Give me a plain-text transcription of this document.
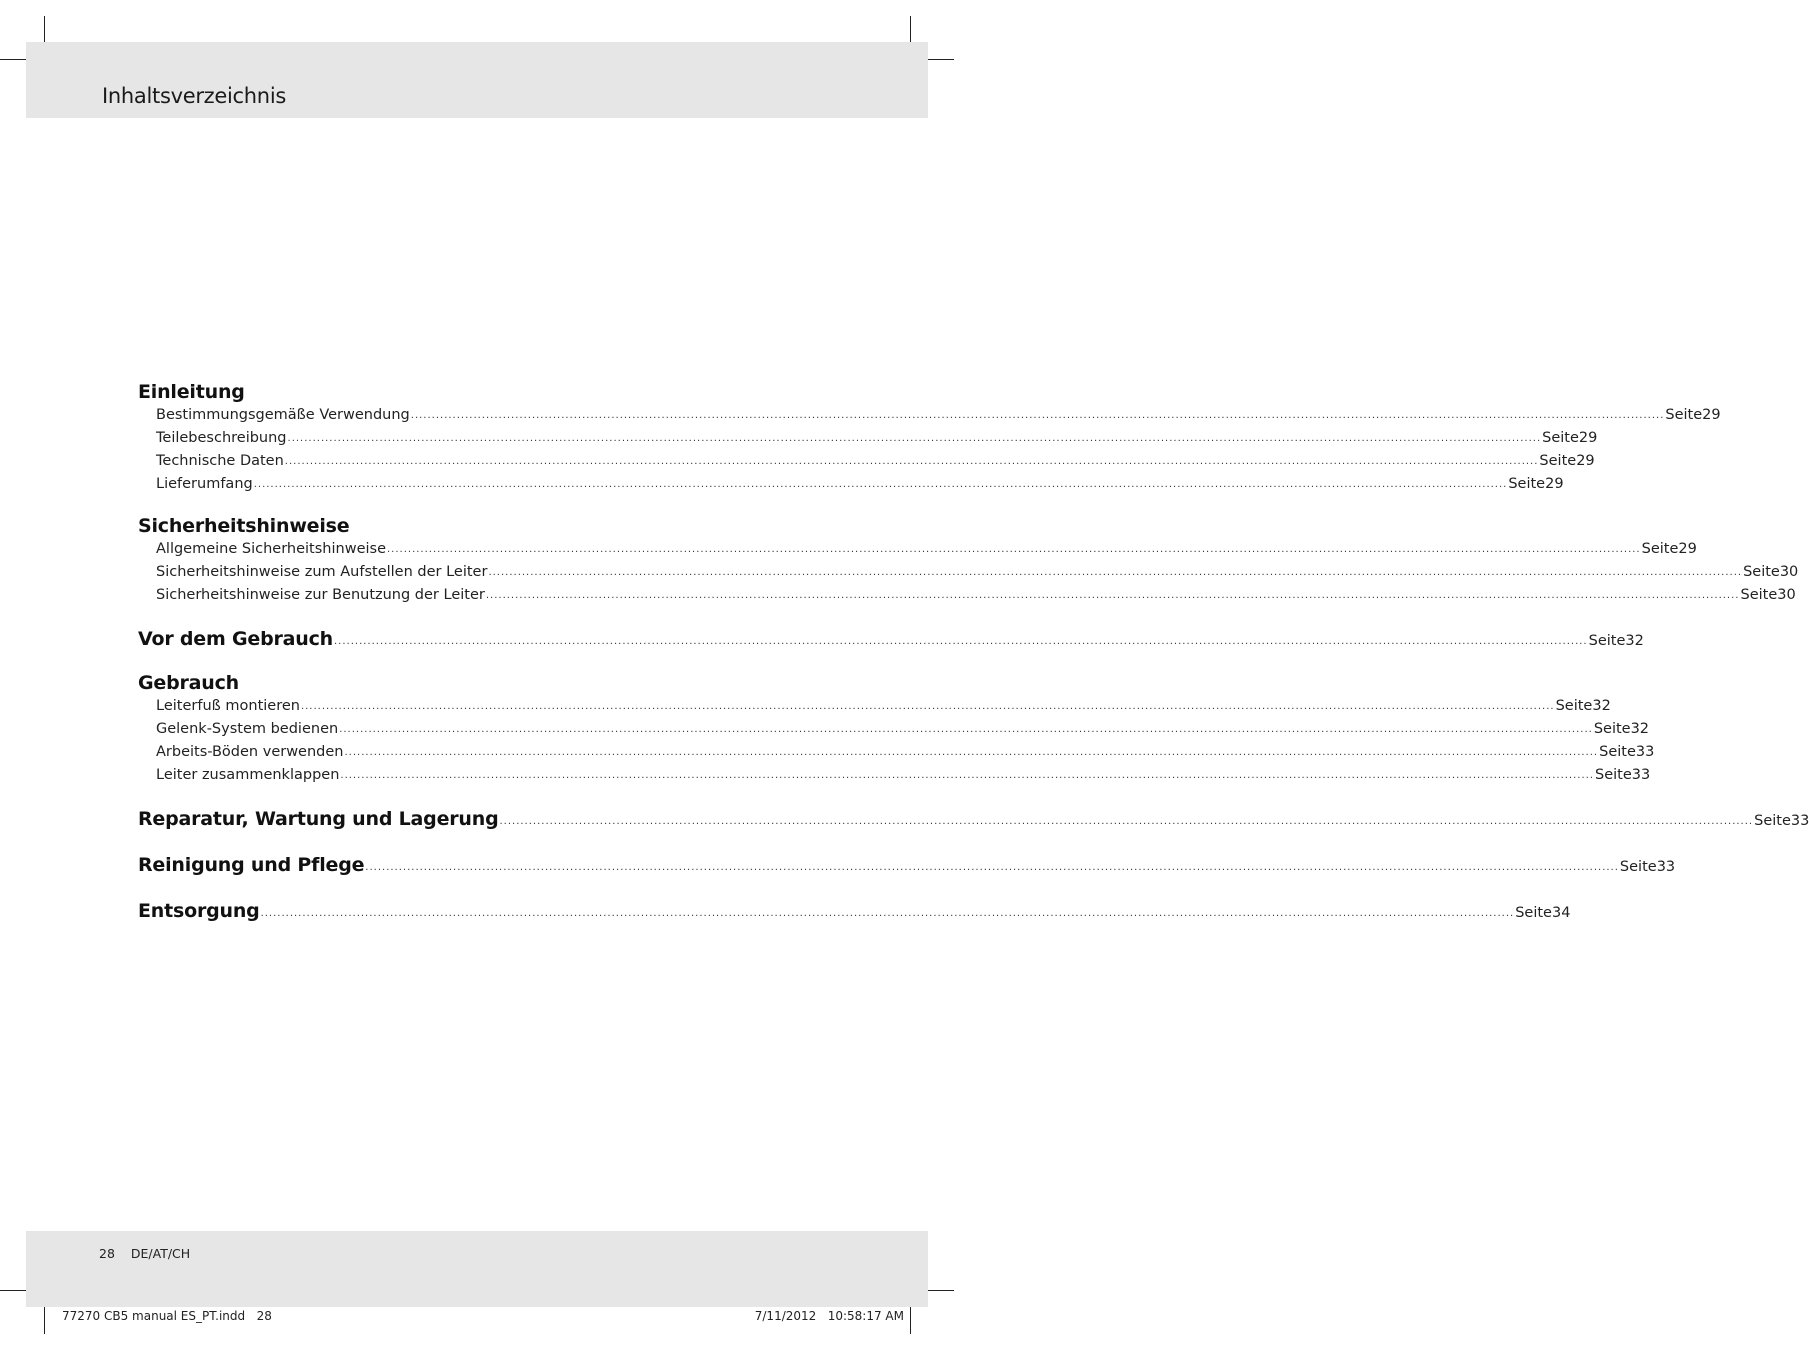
Inhaltsverzeichnis
Einleitung
Bestimmungsgemäße Verwendung ............................................................................................................................................................................................................................................................................................................ Seite 29
Teilebeschreibung ............................................................................................................................................................................................................................................................................................................ Seite 29
Technische Daten ............................................................................................................................................................................................................................................................................................................ Seite 29
Lieferumfang ............................................................................................................................................................................................................................................................................................................ Seite 29
Sicherheitshinweise
Allgemeine Sicherheitshinweise ............................................................................................................................................................................................................................................................................................................ Seite 29
Sicherheitshinweise zum Aufstellen der Leiter ............................................................................................................................................................................................................................................................................................................ Seite 30
Sicherheitshinweise zur Benutzung der Leiter ............................................................................................................................................................................................................................................................................................................ Seite 30
Vor dem Gebrauch ............................................................................................................................................................................................................................................................................................................ Seite 32
Gebrauch
Leiterfuß montieren ............................................................................................................................................................................................................................................................................................................ Seite 32
Gelenk-System bedienen ............................................................................................................................................................................................................................................................................................................ Seite 32
Arbeits-Böden verwenden ............................................................................................................................................................................................................................................................................................................ Seite 33
Leiter zusammenklappen ............................................................................................................................................................................................................................................................................................................ Seite 33
Reparatur, Wartung und Lagerung ............................................................................................................................................................................................................................................................................................................ Seite 33
Reinigung und Pflege ............................................................................................................................................................................................................................................................................................................ Seite 33
Entsorgung ............................................................................................................................................................................................................................................................................................................ Seite 34
28 DE/AT/CH
77270 CB5 manual ES_PT.indd   28	7/11/2012   10:58:17 AM
